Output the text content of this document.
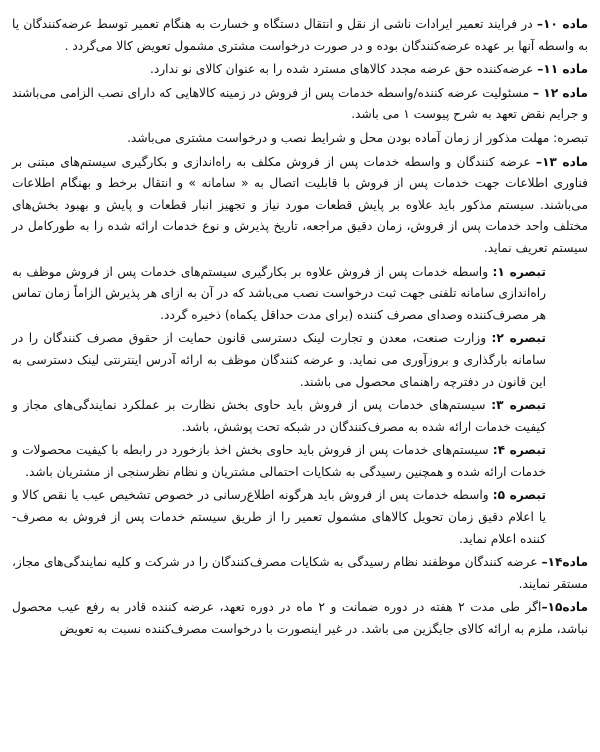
ماده ۱۰– در فرایند تعمیر ایرادات ناشی از نقل و انتقال دستگاه و خسارت به هنگام تعمیر توسط عرضه‌کنندگان یا به واسطه آنها بر عهده عرضه‌کنندگان بوده و در صورت درخواست مشتری مشمول تعویض کالا می‌گردد .

ماده ۱۱– عرضه‌کننده حق عرضه مجدد کالاهای مسترد شده را به عنوان کالای نو ندارد.

ماده ۱۲ – مسئولیت عرضه کننده/واسطه خدمات پس از فروش در زمینه کالاهایی که دارای نصب الزامی می‌باشند و جرایم نقض تعهد به شرح پیوست ۱ می باشد.

تبصره: مهلت مذکور از زمان آماده بودن محل و شرایط نصب و درخواست مشتری می‌باشد.

ماده ۱۳– عرضه کنندگان و واسطه خدمات پس از فروش مکلف به راه‌اندازی و بکارگیری سیستم‌های مبتنی بر فناوری اطلاعات جهت خدمات پس از فروش با قابلیت اتصال به « سامانه » و انتقال برخط و بهنگام اطلاعات می‌باشند. سیستم مذکور باید علاوه بر پایش قطعات مورد نیاز و تجهیز انبار قطعات و پایش و بهبود بخش‌های مختلف واحد خدمات پس از فروش، زمان دقیق مراجعه، تاریخ پذیرش و نوع خدمات ارائه شده را به طورکامل در سیستم تعریف نماید.

تبصره ۱: واسطه خدمات پس از فروش علاوه بر بکارگیری سیستم‌های خدمات پس از فروش موظف به راه‌اندازی سامانه تلفنی جهت ثبت درخواست نصب می‌باشد که در آن به ازای هر پذیرش الزاماً زمان تماس هر مصرف‌کننده وصدای مصرف کننده (برای مدت حداقل یکماه) ذخیره گردد.

تبصره ۲: وزارت صنعت، معدن و تجارت لینک دسترسی قانون حمایت از حقوق مصرف کنندگان را در سامانه بارگذاری و بروزآوری می نماید. و عرضه کنندگان موظف به ارائه آدرس اینترنتی لینک دسترسی به این قانون در دفترچه راهنمای محصول می باشند.

تبصره ۳: سیستم‌های خدمات پس از فروش باید حاوی بخش نظارت بر عملکرد نمایندگی‌های مجاز و کیفیت خدمات ارائه شده به مصرف‌کنندگان در شبکه تحت پوشش، باشد.

تبصره ۴: سیستم‌های خدمات پس از فروش باید حاوی بخش اخذ بازخورد در رابطه با کیفیت محصولات و خدمات ارائه شده و همچنین رسیدگی به شکایات احتمالی مشتریان و نظام نظرسنجی از مشتریان باشد.

تبصره ۵: واسطه خدمات پس از فروش باید هرگونه اطلاع‌رسانی در خصوص تشخیص عیب یا نقص کالا و یا اعلام دقیق زمان تحویل کالاهای مشمول تعمیر را از طریق سیستم خدمات پس از فروش به مصرف-کننده اعلام نماید.

ماده۱۴– عرضه کنندگان موظفند نظام رسیدگی به شکایات مصرف‌کنندگان را در شرکت و کلیه نمایندگی‌های مجاز، مستقر نمایند.

ماده۱۵–اگر طی مدت ۲ هفته در دوره ضمانت و ۲ ماه در دوره تعهد، عرضه کننده قادر به رفع عیب محصول نباشد، ملزم به ارائه کالای جایگزین می باشد. در غیر اینصورت با درخواست مصرف‌کننده نسبت به تعویض
